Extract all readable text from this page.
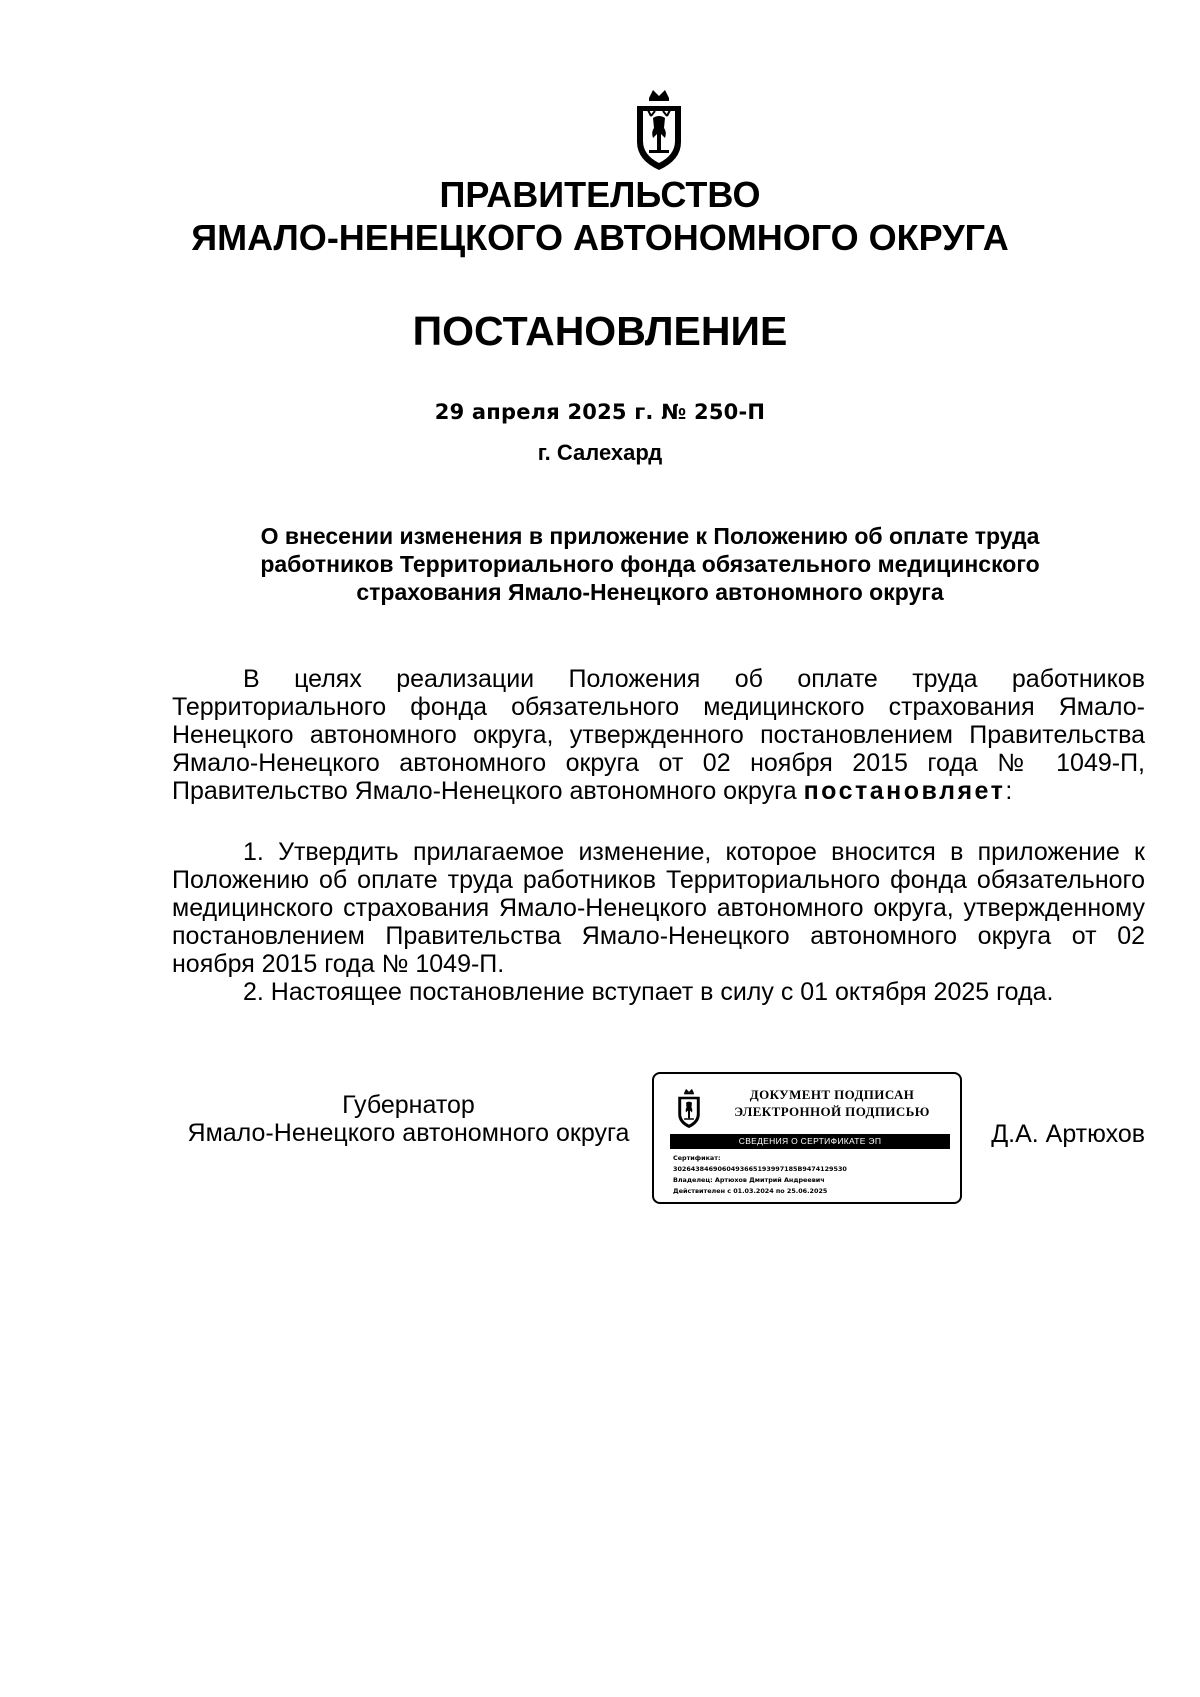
ПРАВИТЕЛЬСТВО
ЯМАЛО-НЕНЕЦКОГО АВТОНОМНОГО ОКРУГА
ПОСТАНОВЛЕНИЕ
29 апреля 2025 г. № 250-П
г. Салехард
О внесении изменения в приложение к Положению об оплате труда
работников Территориального фонда обязательного медицинского
страхования Ямало-Ненецкого автономного округа

В целях реализации Положения об оплате труда работников Территориального фонда обязательного медицинского страхования Ямало-Ненецкого автономного округа, утвержденного постановлением Правительства Ямало-Ненецкого автономного округа от 02 ноября 2015 года № 1049-П, Правительство Ямало-Ненецкого автономного округа постановляет:

1. Утвердить прилагаемое изменение, которое вносится в приложение к Положению об оплате труда работников Территориального фонда обязательного медицинского страхования Ямало-Ненецкого автономного округа, утвержденному постановлением Правительства Ямало-Ненецкого автономного округа от 02 ноября 2015 года № 1049-П.

2. Настоящее постановление вступает в силу с 01 октября 2025 года.

Губернатор
Ямало-Ненецкого автономного округа
ДОКУМЕНТ ПОДПИСАН
ЭЛЕКТРОННОЙ ПОДПИСЬЮ
СВЕДЕНИЯ О СЕРТИФИКАТЕ ЭП
Сертификат:
3026438469060493665193997185B9474129530
Владелец: Артюхов Дмитрий Андреевич
Действителен с 01.03.2024 по 25.06.2025
Д.А. Артюхов
